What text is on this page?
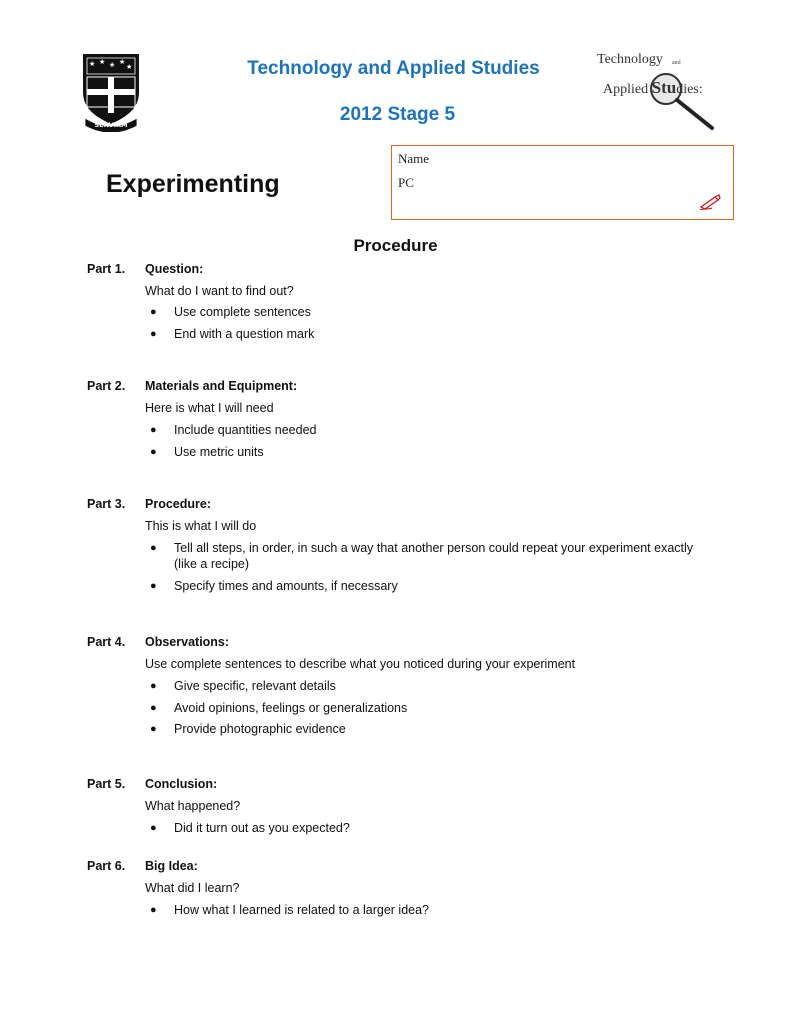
★ ★ ★ ★
★
SERVIAM
Technology and Applied Studies
2012 Stage 5
Technology and
Applied Studies:
Experimenting
Name
PC
Procedure
Part 1. Question:
What do I want to find out?
● Use complete sentences
● End with a question mark
Part 2. Materials and Equipment:
Here is what I will need
● Include quantities needed
● Use metric units
Part 3. Procedure:
This is what I will do
● Tell all steps, in order, in such a way that another person could repeat your experiment exactly (like a recipe)
● Specify times and amounts, if necessary
Part 4. Observations:
Use complete sentences to describe what you noticed during your experiment
● Give specific, relevant details
● Avoid opinions, feelings or generalizations
● Provide photographic evidence
Part 5. Conclusion:
What happened?
● Did it turn out as you expected?
Part 6. Big Idea:
What did I learn?
● How what I learned is related to a larger idea?
